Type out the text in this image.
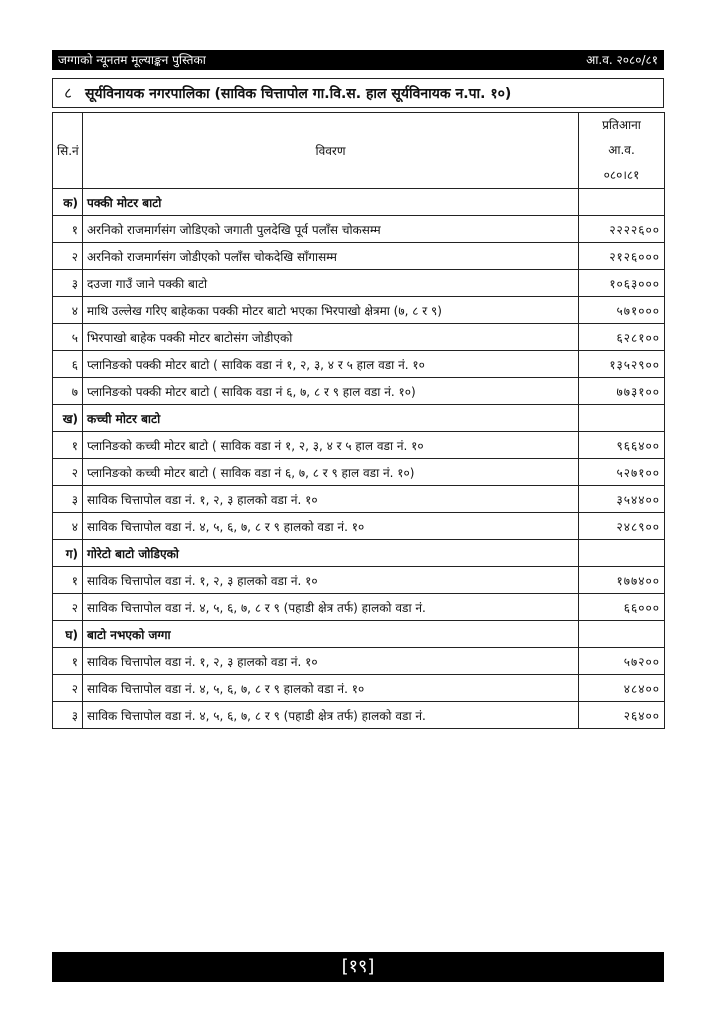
जग्गाको न्यूनतम मूल्याङ्कन पुस्तिका	आ.व. २०८०/८१
८ सूर्यविनायक नगरपालिका (साविक चित्तापोल गा.वि.स. हाल सूर्यविनायक न.पा. १०)
सि.नं	विवरण	प्रतिआना
आ.व.
०८०।८१

क)	पक्की मोटर बाटो	
१	अरनिको राजमार्गसंग जोडिएको जगाती पुलदेखि पूर्व पलाँस चोकसम्म	२२२२६००
२	अरनिको राजमार्गसंग जोडीएको पलाँस चोकदेखि साँगासम्म	२१२६०००
३	दउजा गाउँ जाने पक्की बाटो	१०६३०००
४	माथि उल्लेख गरिए बाहेकका पक्की मोटर बाटो भएका भिरपाखो क्षेत्रमा (७, ८ र ९)	५७१०००
५	भिरपाखो बाहेक पक्की मोटर बाटोसंग जोडीएको	६२८१००
६	प्लानिङको पक्की मोटर बाटो ( साविक वडा नं १, २, ३, ४ र ५ हाल वडा नं. १०	१३५२९००
७	प्लानिङको पक्की मोटर बाटो ( साविक वडा नं ६, ७, ८ र ९ हाल वडा नं. १०)	७७३१००
ख)	कच्ची मोटर बाटो	
१	प्लानिङको कच्ची मोटर बाटो ( साविक वडा नं १, २, ३, ४ र ५ हाल वडा नं. १०	९६६४००
२	प्लानिङको कच्ची मोटर बाटो ( साविक वडा नं ६, ७, ८ र ९ हाल वडा नं. १०)	५२७१००
३	साविक चित्तापोल वडा नं. १, २, ३ हालको वडा नं. १०	३५४४००
४	साविक चित्तापोल वडा नं. ४, ५, ६, ७, ८ र ९ हालको वडा नं. १०	२४८९००
ग)	गोरेटो बाटो जोडिएको	
१	साविक चित्तापोल वडा नं. १, २, ३ हालको वडा नं. १०	१७७४००
२	साविक चित्तापोल वडा नं. ४, ५, ६, ७, ८ र ९ (पहाडी क्षेत्र तर्फ) हालको वडा नं.	६६०००
घ)	बाटो नभएको जग्गा	
१	साविक चित्तापोल वडा नं. १, २, ३ हालको वडा नं. १०	५७२००
२	साविक चित्तापोल वडा नं. ४, ५, ६, ७, ८ र ९ हालको वडा नं. १०	४८४००
३	साविक चित्तापोल वडा नं. ४, ५, ६, ७, ८ र ९ (पहाडी क्षेत्र तर्फ) हालको वडा नं.	२६४००
[१९]
